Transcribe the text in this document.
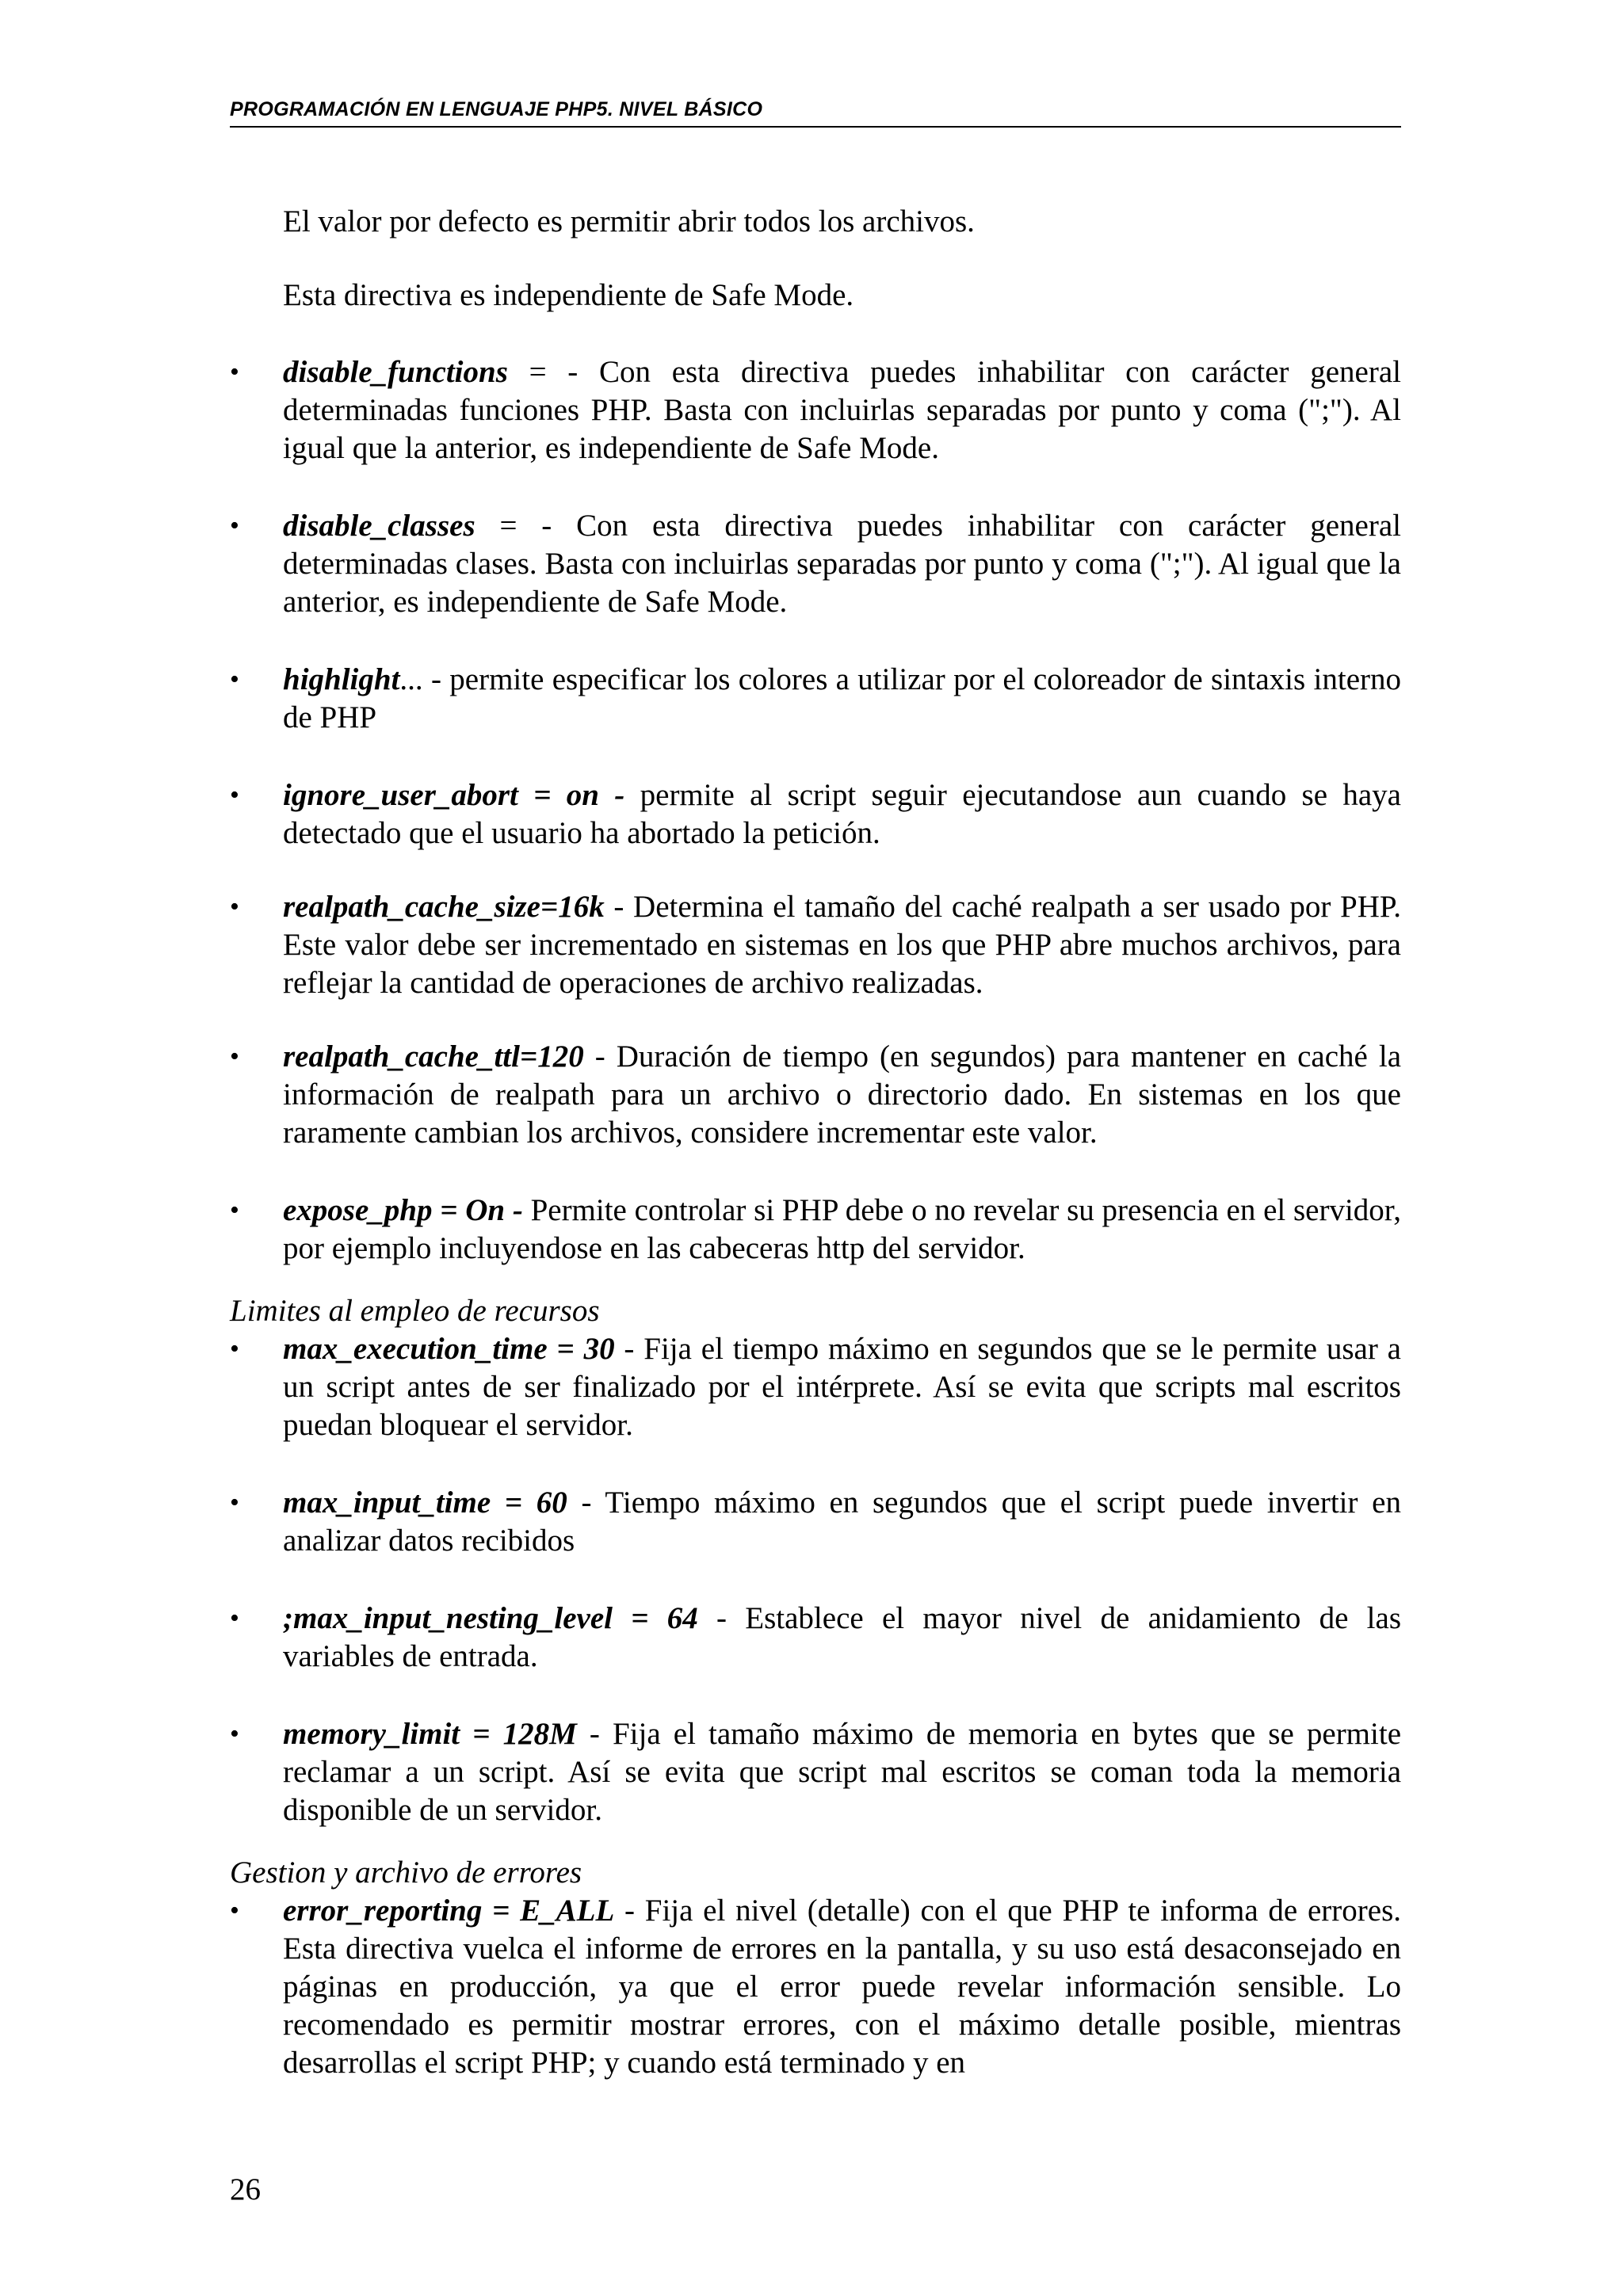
PROGRAMACIÓN EN LENGUAJE PHP5. NIVEL BÁSICO

El valor por defecto es permitir abrir todos los archivos.

Esta directiva es independiente de Safe Mode.

•	disable_functions = - Con esta directiva puedes inhabilitar con carácter general determinadas funciones PHP. Basta con incluirlas separadas por punto y coma (";"). Al igual que la anterior, es independiente de Safe Mode.

•	disable_classes = - Con esta directiva puedes inhabilitar con carácter general determinadas clases. Basta con incluirlas separadas por punto y coma (";"). Al igual que la anterior, es independiente de Safe Mode.

•	highlight... - permite especificar los colores a utilizar por el coloreador de sintaxis interno de PHP

•	ignore_user_abort = on - permite al script seguir ejecutandose aun cuando se haya detectado que el usuario ha abortado la petición.

•	realpath_cache_size=16k - Determina el tamaño del caché realpath a ser usado por PHP. Este valor debe ser incrementado en sistemas en los que PHP abre muchos archivos, para reflejar la cantidad de operaciones de archivo realizadas.

•	realpath_cache_ttl=120 - Duración de tiempo (en segundos) para mantener en caché la información de realpath para un archivo o directorio dado. En sistemas en los que raramente cambian los archivos, considere incrementar este valor.

•	expose_php = On - Permite controlar si PHP debe o no revelar su presencia en el servidor, por ejemplo incluyendose en las cabeceras http del servidor.

Limites al empleo de recursos

•	max_execution_time = 30 - Fija el tiempo máximo en segundos que se le permite usar a un script antes de ser finalizado por el intérprete. Así se evita que scripts mal escritos puedan bloquear el servidor.

•	max_input_time = 60 - Tiempo máximo en segundos que el script puede invertir en analizar datos recibidos

•	;max_input_nesting_level = 64 - Establece el mayor nivel de anidamiento de las variables de entrada.

•	memory_limit = 128M - Fija el tamaño máximo de memoria en bytes que se permite reclamar a un script. Así se evita que script mal escritos se coman toda la memoria disponible de un servidor.

Gestion y archivo de errores

•	error_reporting = E_ALL - Fija el nivel (detalle) con el que PHP te informa de errores. Esta directiva vuelca el informe de errores en la pantalla, y su uso está desaconsejado en páginas en producción, ya que el error puede revelar información sensible. Lo recomendado es permitir mostrar errores, con el máximo detalle posible, mientras desarrollas el script PHP; y cuando está terminado y en

26
